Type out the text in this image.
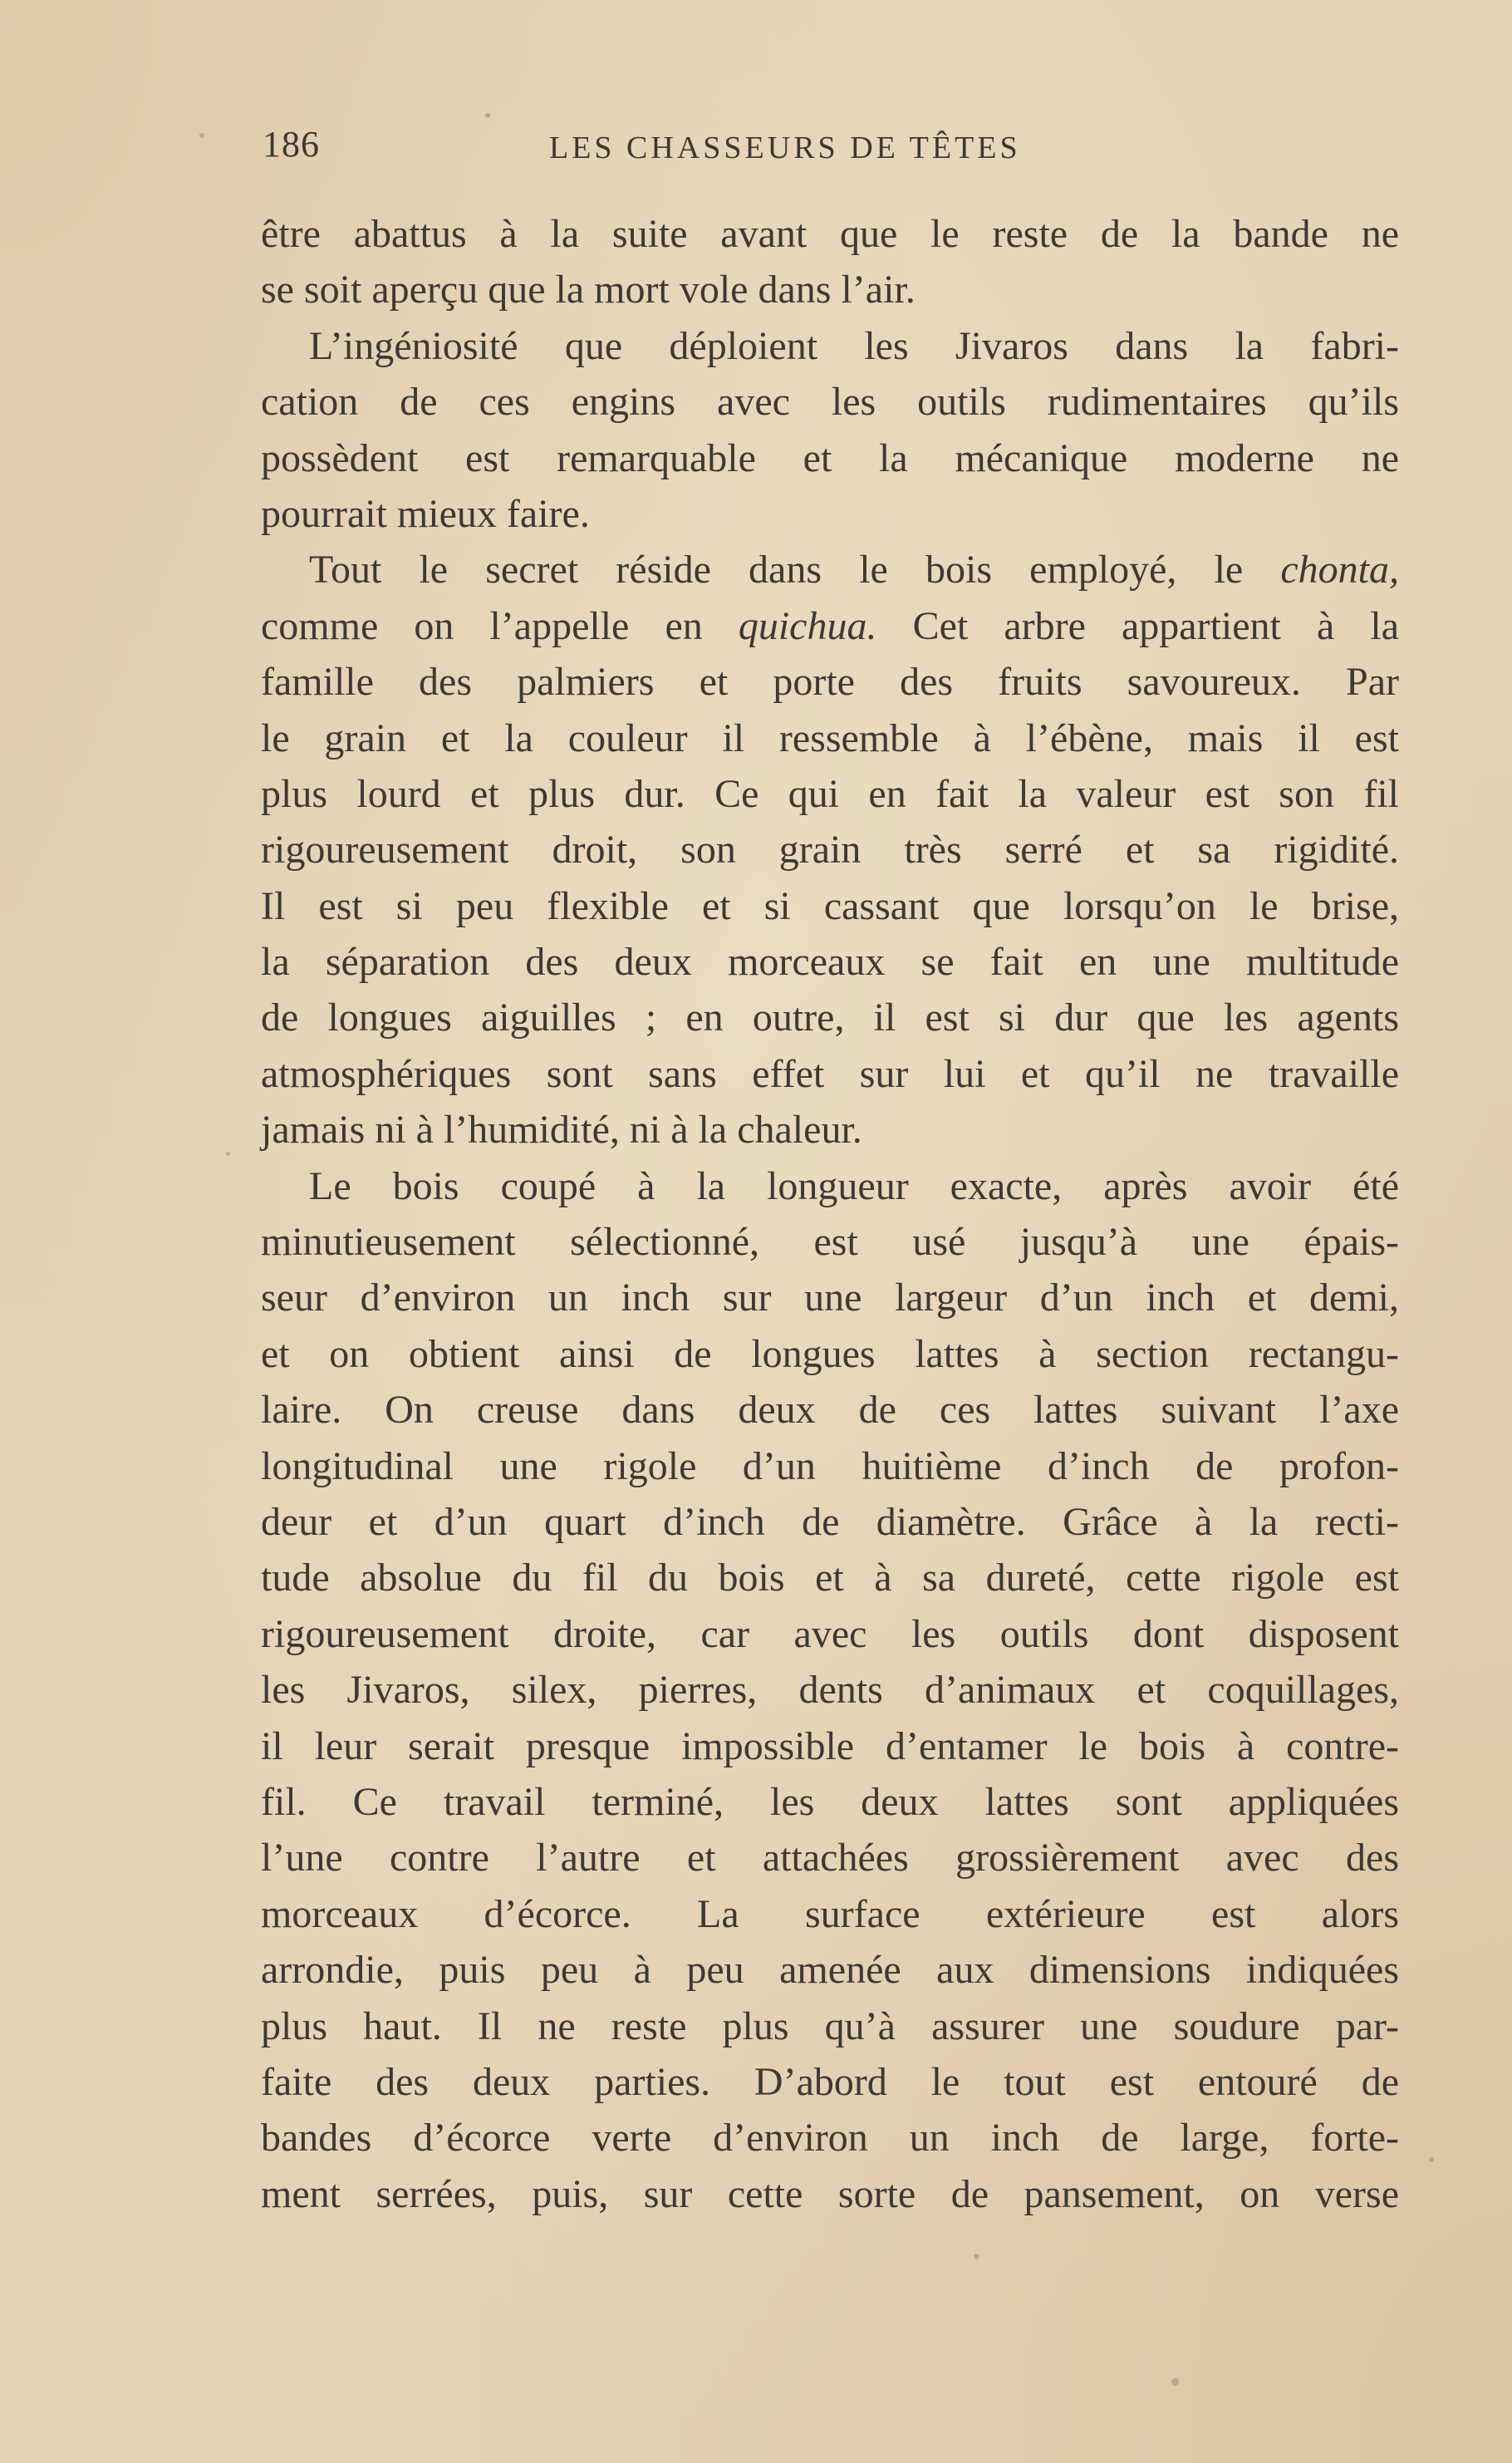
186	LES CHASSEURS DE TÊTES
être abattus à la suite avant que le reste de la bande ne
se soit aperçu que la mort vole dans l’air.
L’ingéniosité que déploient les Jivaros dans la fabri-
cation de ces engins avec les outils rudimentaires qu’ils
possèdent est remarquable et la mécanique moderne ne
pourrait mieux faire.
Tout le secret réside dans le bois employé, le chonta,
comme on l’appelle en quichua. Cet arbre appartient à la
famille des palmiers et porte des fruits savoureux. Par
le grain et la couleur il ressemble à l’ébène, mais il est
plus lourd et plus dur. Ce qui en fait la valeur est son fil
rigoureusement droit, son grain très serré et sa rigidité.
Il est si peu flexible et si cassant que lorsqu’on le brise,
la séparation des deux morceaux se fait en une multitude
de longues aiguilles ; en outre, il est si dur que les agents
atmosphériques sont sans effet sur lui et qu’il ne travaille
jamais ni à l’humidité, ni à la chaleur.
Le bois coupé à la longueur exacte, après avoir été
minutieusement sélectionné, est usé jusqu’à une épais-
seur d’environ un inch sur une largeur d’un inch et demi,
et on obtient ainsi de longues lattes à section rectangu-
laire. On creuse dans deux de ces lattes suivant l’axe
longitudinal une rigole d’un huitième d’inch de profon-
deur et d’un quart d’inch de diamètre. Grâce à la recti-
tude absolue du fil du bois et à sa dureté, cette rigole est
rigoureusement droite, car avec les outils dont disposent
les Jivaros, silex, pierres, dents d’animaux et coquillages,
il leur serait presque impossible d’entamer le bois à contre-
fil. Ce travail terminé, les deux lattes sont appliquées
l’une contre l’autre et attachées grossièrement avec des
morceaux d’écorce. La surface extérieure est alors
arrondie, puis peu à peu amenée aux dimensions indiquées
plus haut. Il ne reste plus qu’à assurer une soudure par-
faite des deux parties. D’abord le tout est entouré de
bandes d’écorce verte d’environ un inch de large, forte-
ment serrées, puis, sur cette sorte de pansement, on verse
